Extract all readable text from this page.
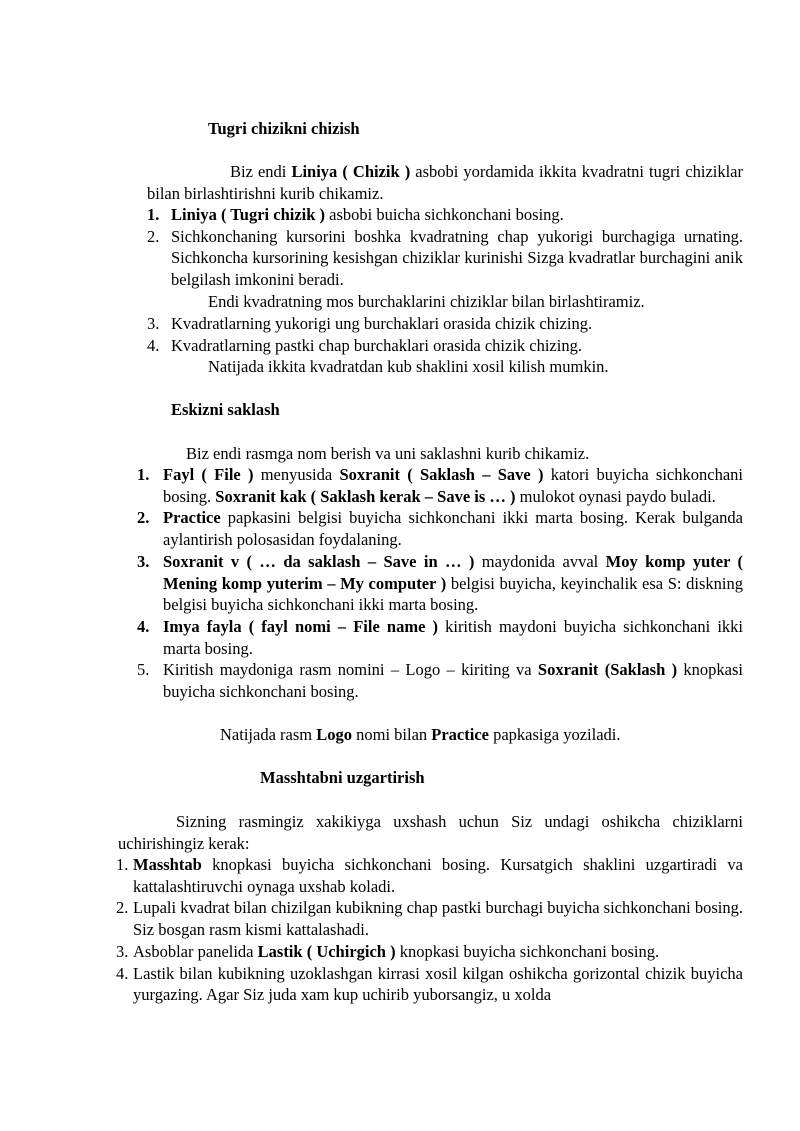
Tugri chizikni chizish
Biz endi Liniya ( Chizik ) asbobi yordamida ikkita kvadratni tugri chiziklar bilan birlashtirishni kurib chikamiz.
1. Liniya ( Tugri chizik ) asbobi buicha sichkonchani bosing.
2. Sichkonchaning kursorini boshka kvadratning chap yukorigi burchagiga urnating. Sichkoncha kursorining kesishgan chiziklar kurinishi Sizga kvadratlar burchagini anik belgilash imkonini beradi.
Endi kvadratning mos burchaklarini chiziklar bilan birlashtiramiz.
3. Kvadratlarning yukorigi ung burchaklari orasida chizik chizing.
4. Kvadratlarning pastki chap burchaklari orasida chizik chizing.
Natijada ikkita kvadratdan kub shaklini xosil kilish mumkin.
Eskizni saklash
Biz endi rasmga nom berish va uni saklashni kurib chikamiz.
1. Fayl ( File ) menyusida Soxranit ( Saklash – Save ) katori buyicha sichkonchani bosing. Soxranit kak ( Saklash kerak – Save is … ) mulokot oynasi paydo buladi.
2. Practice papkasini belgisi buyicha sichkonchani ikki marta bosing. Kerak bulganda aylantirish polosasidan foydalaning.
3. Soxranit v ( … da saklash – Save in … ) maydonida avval Moy komp yuter ( Mening komp yuterim – My computer ) belgisi buyicha, keyinchalik esa S: diskning belgisi buyicha sichkonchani ikki marta bosing.
4. Imya fayla ( fayl nomi – File name ) kiritish maydoni buyicha sichkonchani ikki marta bosing.
5. Kiritish maydoniga rasm nomini – Logo – kiriting va Soxranit (Saklash ) knopkasi buyicha sichkonchani bosing.
Natijada rasm Logo nomi bilan Practice papkasiga yoziladi.
Masshtabni uzgartirish
Sizning rasmingiz xakikiyga uxshash uchun Siz undagi oshikcha chiziklarni uchirishingiz kerak:
1. Masshtab knopkasi buyicha sichkonchani bosing. Kursatgich shaklini uzgartiradi va kattalashtiruvchi oynaga uxshab koladi.
2. Lupali kvadrat bilan chizilgan kubikning chap pastki burchagi buyicha sichkonchani bosing. Siz bosgan rasm kismi kattalashadi.
3. Asboblar panelida Lastik ( Uchirgich ) knopkasi buyicha sichkonchani bosing.
4. Lastik bilan kubikning uzoklashgan kirrasi xosil kilgan oshikcha gorizontal chizik buyicha yurgazing. Agar Siz juda xam kup uchirib yuborsangiz, u xolda
